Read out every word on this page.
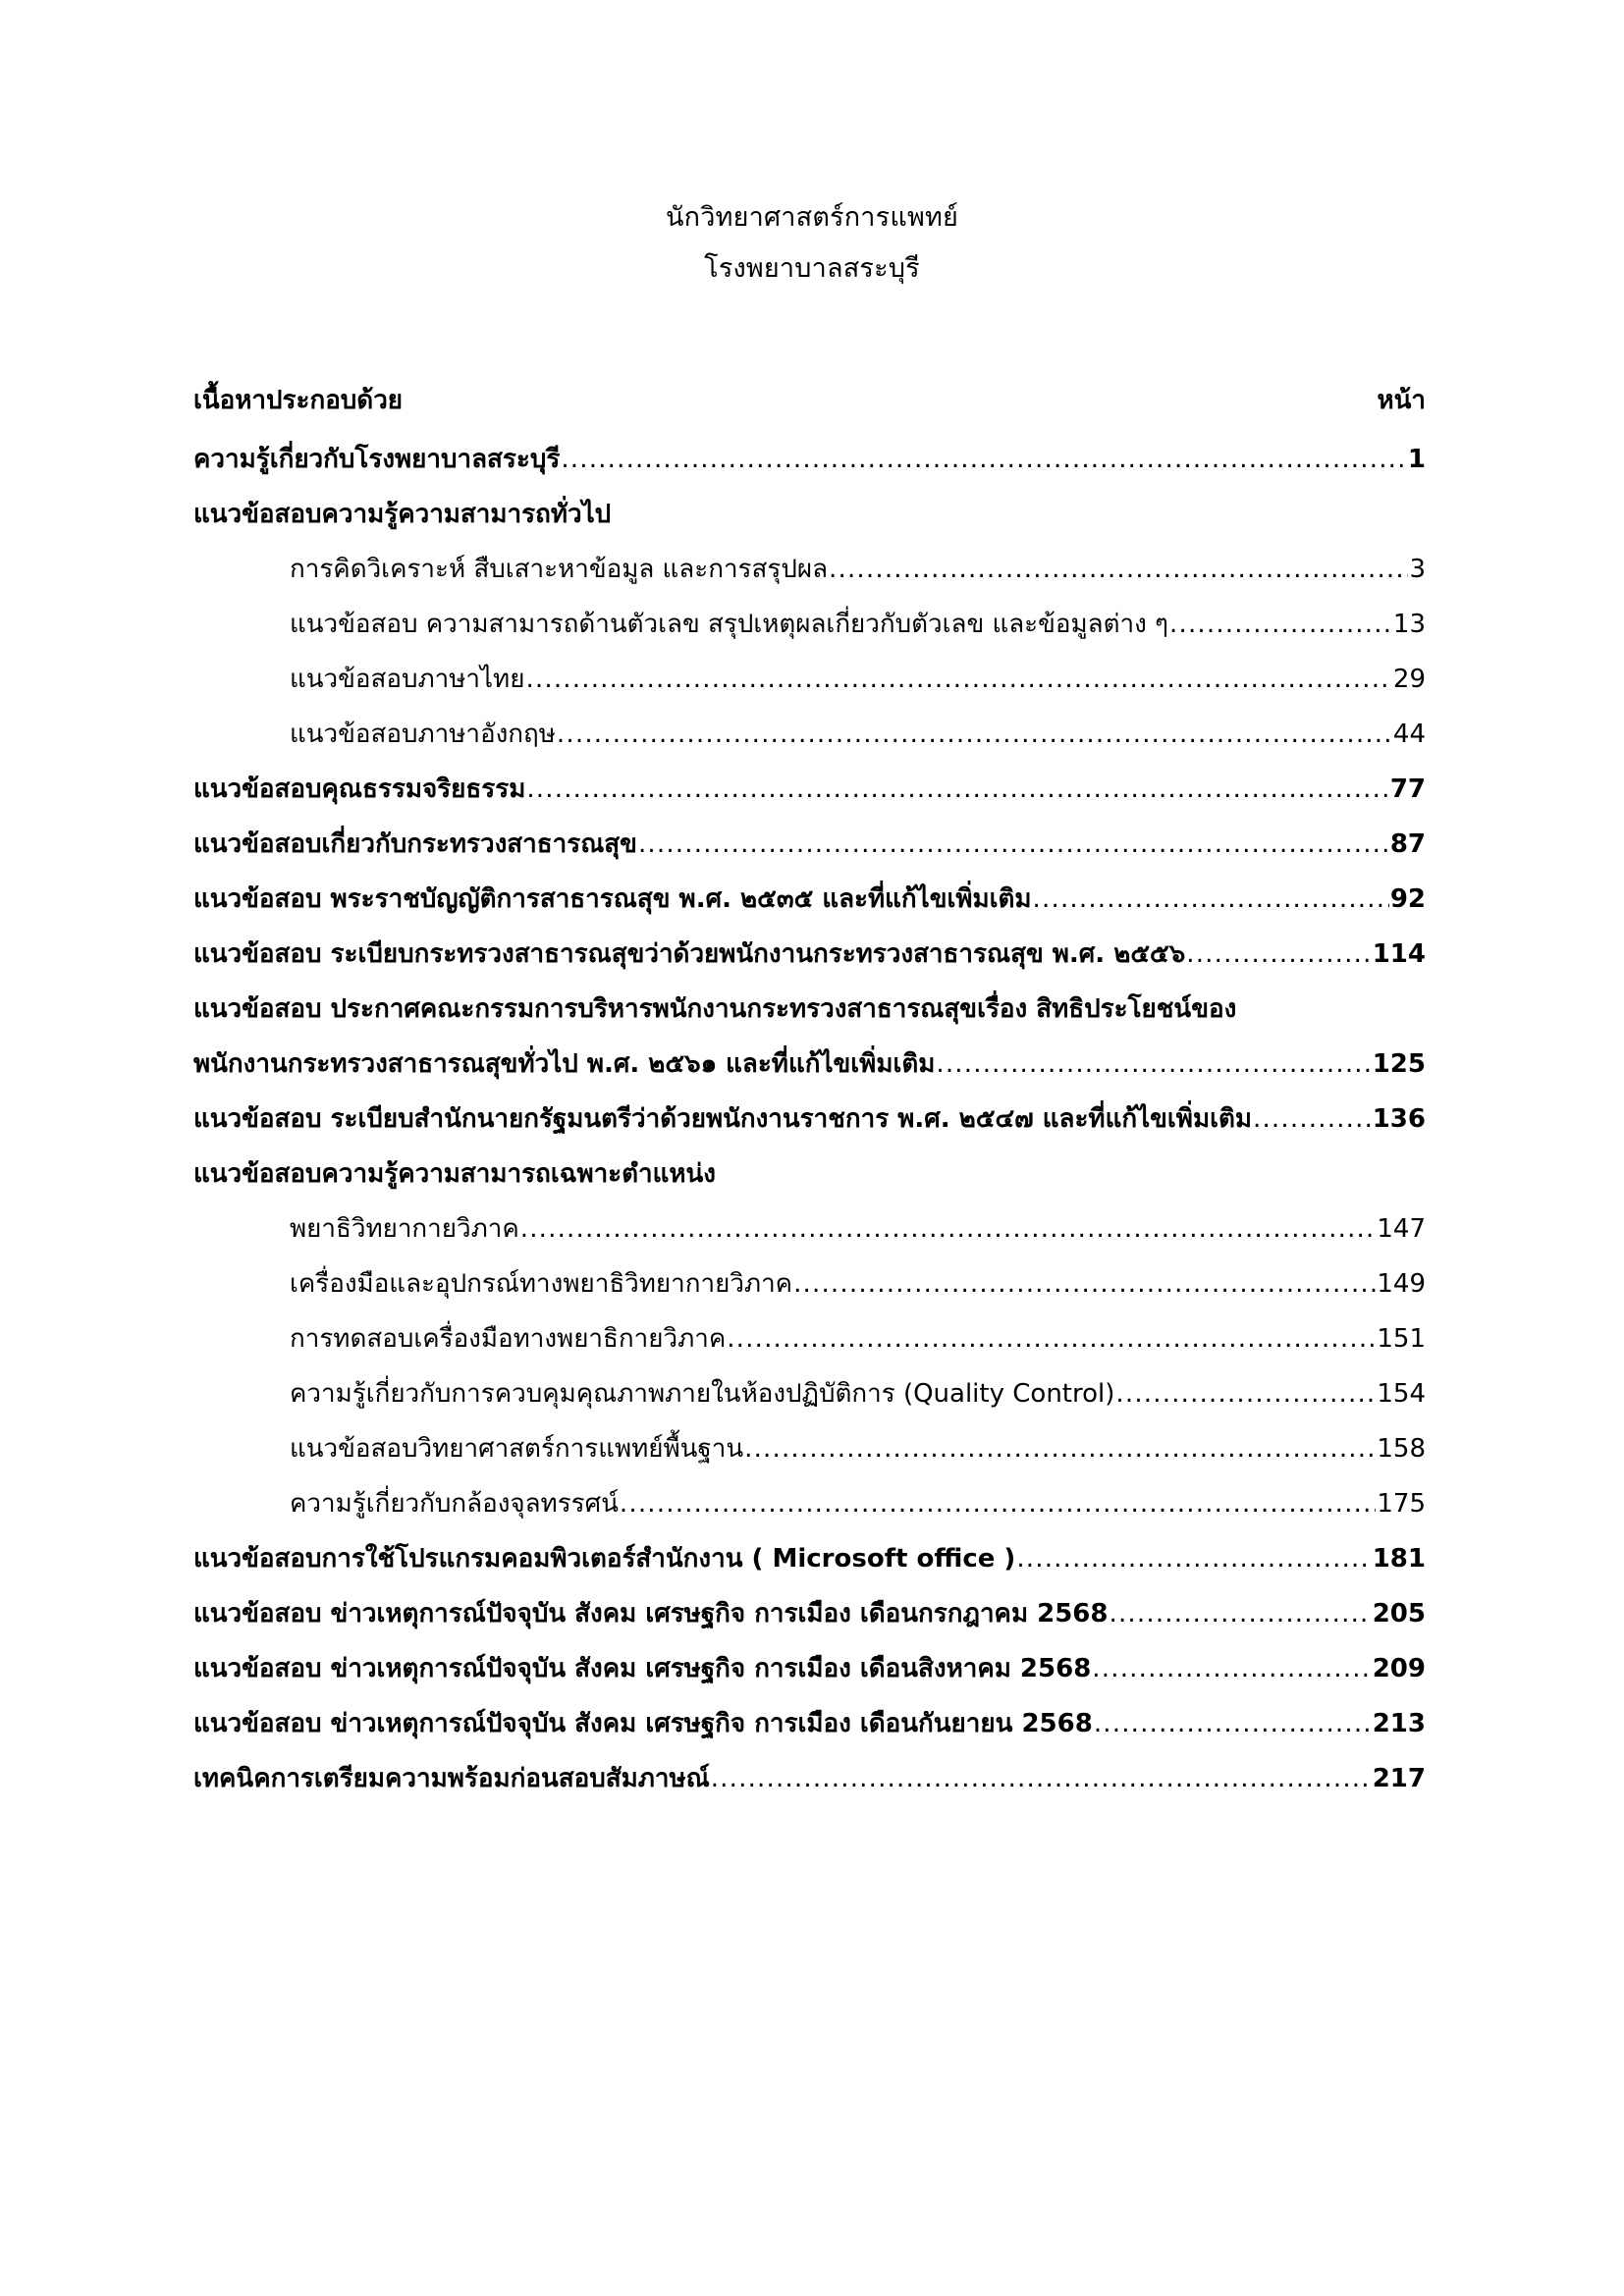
นักวิทยาศาสตร์การแพทย์
โรงพยาบาลสระบุรี
เนื้อหาประกอบด้วย	หน้า
ความรู้เกี่ยวกับโรงพยาบาลสระบุรี .....	1
แนวข้อสอบความรู้ความสามารถทั่วไป
การคิดวิเคราะห์ สืบเสาะหาข้อมูล และการสรุปผล .....	3
แนวข้อสอบ ความสามารถด้านตัวเลข สรุปเหตุผลเกี่ยวกับตัวเลข และข้อมูลต่าง ๆ .....	13
แนวข้อสอบภาษาไทย .....	29
แนวข้อสอบภาษาอังกฤษ .....	44
แนวข้อสอบคุณธรรมจริยธรรม .....	77
แนวข้อสอบเกี่ยวกับกระทรวงสาธารณสุข .....	87
แนวข้อสอบ พระราชบัญญัติการสาธารณสุข พ.ศ. ๒๕๓๕ และที่แก้ไขเพิ่มเติม .....	92
แนวข้อสอบ ระเบียบกระทรวงสาธารณสุขว่าด้วยพนักงานกระทรวงสาธารณสุข พ.ศ. ๒๕๕๖ .....	114
แนวข้อสอบ ประกาศคณะกรรมการบริหารพนักงานกระทรวงสาธารณสุขเรื่อง สิทธิประโยชน์ของ
พนักงานกระทรวงสาธารณสุขทั่วไป พ.ศ. ๒๕๖๑ และที่แก้ไขเพิ่มเติม .....	125
แนวข้อสอบ ระเบียบสำนักนายกรัฐมนตรีว่าด้วยพนักงานราชการ พ.ศ. ๒๕๔๗ และที่แก้ไขเพิ่มเติม .....	136
แนวข้อสอบความรู้ความสามารถเฉพาะตำแหน่ง
พยาธิวิทยากายวิภาค .....	147
เครื่องมือและอุปกรณ์ทางพยาธิวิทยากายวิภาค .....	149
การทดสอบเครื่องมือทางพยาธิกายวิภาค .....	151
ความรู้เกี่ยวกับการควบคุมคุณภาพภายในห้องปฏิบัติการ (Quality Control) .....	154
แนวข้อสอบวิทยาศาสตร์การแพทย์พื้นฐาน .....	158
ความรู้เกี่ยวกับกล้องจุลทรรศน์ .....	175
แนวข้อสอบการใช้โปรแกรมคอมพิวเตอร์สำนักงาน ( Microsoft office ) .....	181
แนวข้อสอบ ข่าวเหตุการณ์ปัจจุบัน สังคม เศรษฐกิจ การเมือง เดือนกรกฎาคม 2568 .....	205
แนวข้อสอบ ข่าวเหตุการณ์ปัจจุบัน สังคม เศรษฐกิจ การเมือง เดือนสิงหาคม 2568 .....	209
แนวข้อสอบ ข่าวเหตุการณ์ปัจจุบัน สังคม เศรษฐกิจ การเมือง เดือนกันยายน 2568 .....	213
เทคนิคการเตรียมความพร้อมก่อนสอบสัมภาษณ์ .....	217
